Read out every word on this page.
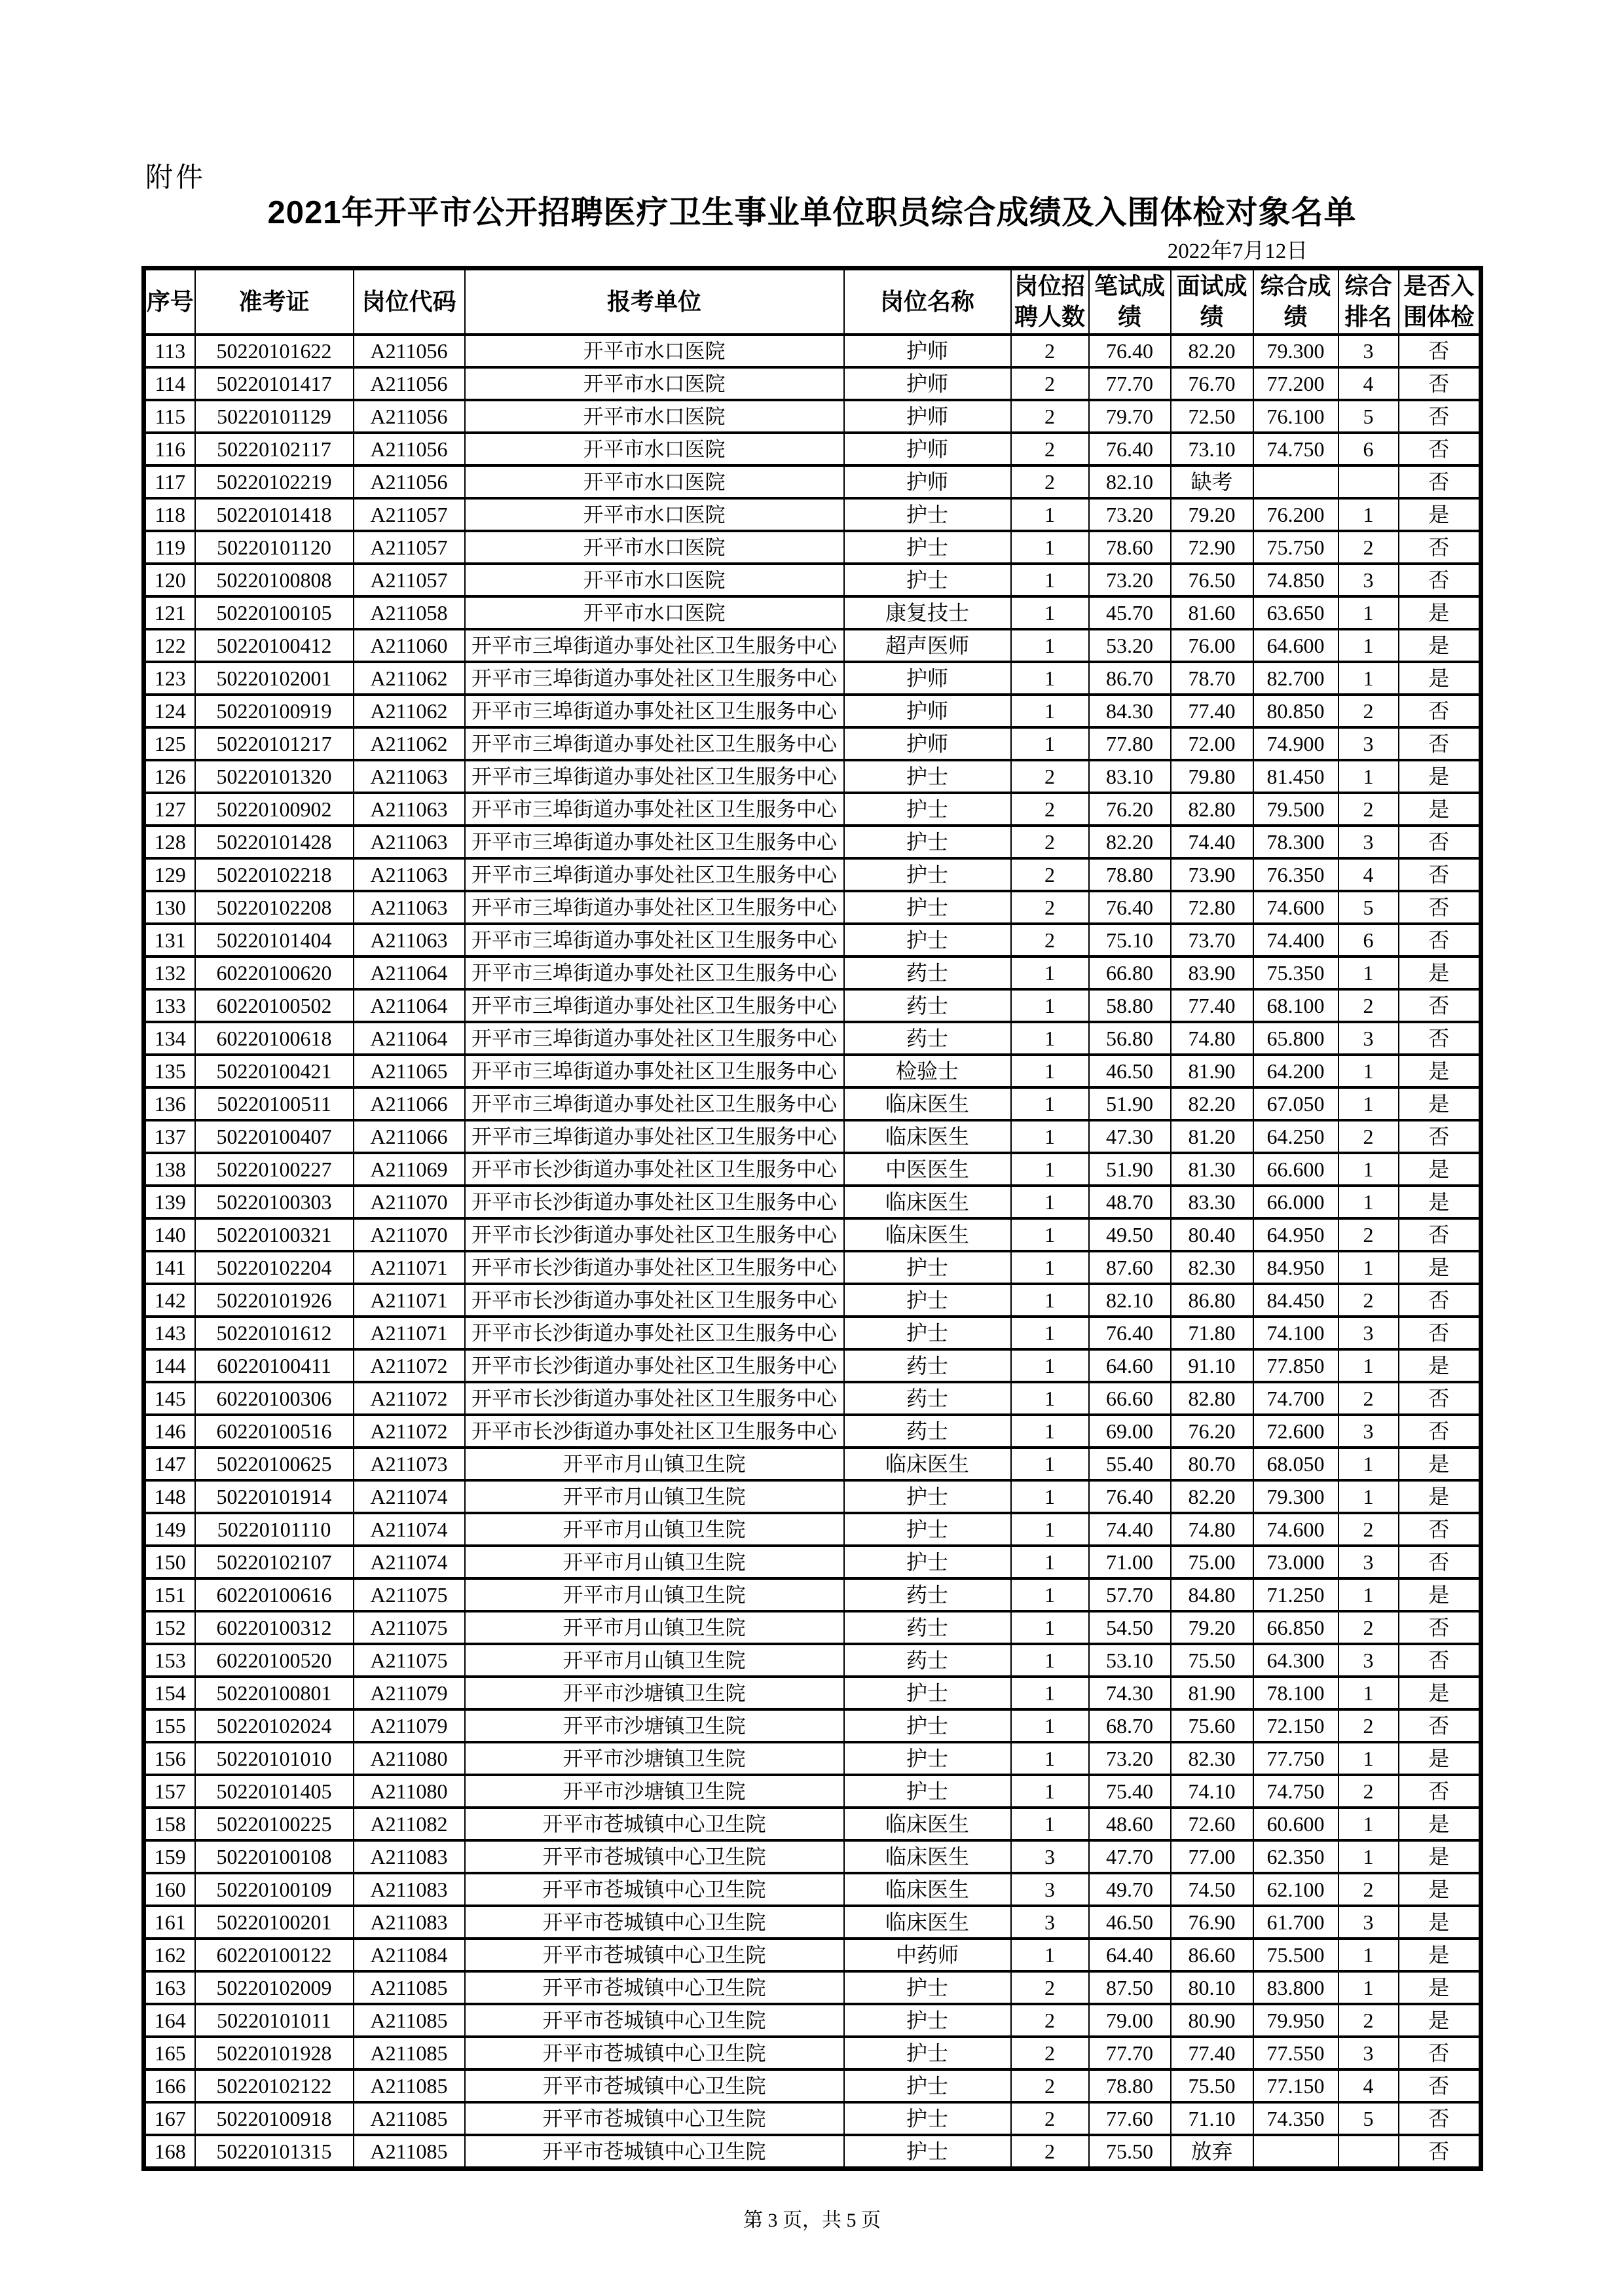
附件
2021年开平市公开招聘医疗卫生事业单位职员综合成绩及入围体检对象名单
2022年7月12日
序号	准考证	岗位代码	报考单位	岗位名称	岗位招聘人数	笔试成绩	面试成绩	综合成绩	综合排名	是否入围体检
113	50220101622	A211056	开平市水口医院	护师	2	76.40	82.20	79.300	3	否
114	50220101417	A211056	开平市水口医院	护师	2	77.70	76.70	77.200	4	否
115	50220101129	A211056	开平市水口医院	护师	2	79.70	72.50	76.100	5	否
116	50220102117	A211056	开平市水口医院	护师	2	76.40	73.10	74.750	6	否
117	50220102219	A211056	开平市水口医院	护师	2	82.10	缺考			否
118	50220101418	A211057	开平市水口医院	护士	1	73.20	79.20	76.200	1	是
119	50220101120	A211057	开平市水口医院	护士	1	78.60	72.90	75.750	2	否
120	50220100808	A211057	开平市水口医院	护士	1	73.20	76.50	74.850	3	否
121	50220100105	A211058	开平市水口医院	康复技士	1	45.70	81.60	63.650	1	是
122	50220100412	A211060	开平市三埠街道办事处社区卫生服务中心	超声医师	1	53.20	76.00	64.600	1	是
123	50220102001	A211062	开平市三埠街道办事处社区卫生服务中心	护师	1	86.70	78.70	82.700	1	是
124	50220100919	A211062	开平市三埠街道办事处社区卫生服务中心	护师	1	84.30	77.40	80.850	2	否
125	50220101217	A211062	开平市三埠街道办事处社区卫生服务中心	护师	1	77.80	72.00	74.900	3	否
126	50220101320	A211063	开平市三埠街道办事处社区卫生服务中心	护士	2	83.10	79.80	81.450	1	是
127	50220100902	A211063	开平市三埠街道办事处社区卫生服务中心	护士	2	76.20	82.80	79.500	2	是
128	50220101428	A211063	开平市三埠街道办事处社区卫生服务中心	护士	2	82.20	74.40	78.300	3	否
129	50220102218	A211063	开平市三埠街道办事处社区卫生服务中心	护士	2	78.80	73.90	76.350	4	否
130	50220102208	A211063	开平市三埠街道办事处社区卫生服务中心	护士	2	76.40	72.80	74.600	5	否
131	50220101404	A211063	开平市三埠街道办事处社区卫生服务中心	护士	2	75.10	73.70	74.400	6	否
132	60220100620	A211064	开平市三埠街道办事处社区卫生服务中心	药士	1	66.80	83.90	75.350	1	是
133	60220100502	A211064	开平市三埠街道办事处社区卫生服务中心	药士	1	58.80	77.40	68.100	2	否
134	60220100618	A211064	开平市三埠街道办事处社区卫生服务中心	药士	1	56.80	74.80	65.800	3	否
135	50220100421	A211065	开平市三埠街道办事处社区卫生服务中心	检验士	1	46.50	81.90	64.200	1	是
136	50220100511	A211066	开平市三埠街道办事处社区卫生服务中心	临床医生	1	51.90	82.20	67.050	1	是
137	50220100407	A211066	开平市三埠街道办事处社区卫生服务中心	临床医生	1	47.30	81.20	64.250	2	否
138	50220100227	A211069	开平市长沙街道办事处社区卫生服务中心	中医医生	1	51.90	81.30	66.600	1	是
139	50220100303	A211070	开平市长沙街道办事处社区卫生服务中心	临床医生	1	48.70	83.30	66.000	1	是
140	50220100321	A211070	开平市长沙街道办事处社区卫生服务中心	临床医生	1	49.50	80.40	64.950	2	否
141	50220102204	A211071	开平市长沙街道办事处社区卫生服务中心	护士	1	87.60	82.30	84.950	1	是
142	50220101926	A211071	开平市长沙街道办事处社区卫生服务中心	护士	1	82.10	86.80	84.450	2	否
143	50220101612	A211071	开平市长沙街道办事处社区卫生服务中心	护士	1	76.40	71.80	74.100	3	否
144	60220100411	A211072	开平市长沙街道办事处社区卫生服务中心	药士	1	64.60	91.10	77.850	1	是
145	60220100306	A211072	开平市长沙街道办事处社区卫生服务中心	药士	1	66.60	82.80	74.700	2	否
146	60220100516	A211072	开平市长沙街道办事处社区卫生服务中心	药士	1	69.00	76.20	72.600	3	否
147	50220100625	A211073	开平市月山镇卫生院	临床医生	1	55.40	80.70	68.050	1	是
148	50220101914	A211074	开平市月山镇卫生院	护士	1	76.40	82.20	79.300	1	是
149	50220101110	A211074	开平市月山镇卫生院	护士	1	74.40	74.80	74.600	2	否
150	50220102107	A211074	开平市月山镇卫生院	护士	1	71.00	75.00	73.000	3	否
151	60220100616	A211075	开平市月山镇卫生院	药士	1	57.70	84.80	71.250	1	是
152	60220100312	A211075	开平市月山镇卫生院	药士	1	54.50	79.20	66.850	2	否
153	60220100520	A211075	开平市月山镇卫生院	药士	1	53.10	75.50	64.300	3	否
154	50220100801	A211079	开平市沙塘镇卫生院	护士	1	74.30	81.90	78.100	1	是
155	50220102024	A211079	开平市沙塘镇卫生院	护士	1	68.70	75.60	72.150	2	否
156	50220101010	A211080	开平市沙塘镇卫生院	护士	1	73.20	82.30	77.750	1	是
157	50220101405	A211080	开平市沙塘镇卫生院	护士	1	75.40	74.10	74.750	2	否
158	50220100225	A211082	开平市苍城镇中心卫生院	临床医生	1	48.60	72.60	60.600	1	是
159	50220100108	A211083	开平市苍城镇中心卫生院	临床医生	3	47.70	77.00	62.350	1	是
160	50220100109	A211083	开平市苍城镇中心卫生院	临床医生	3	49.70	74.50	62.100	2	是
161	50220100201	A211083	开平市苍城镇中心卫生院	临床医生	3	46.50	76.90	61.700	3	是
162	60220100122	A211084	开平市苍城镇中心卫生院	中药师	1	64.40	86.60	75.500	1	是
163	50220102009	A211085	开平市苍城镇中心卫生院	护士	2	87.50	80.10	83.800	1	是
164	50220101011	A211085	开平市苍城镇中心卫生院	护士	2	79.00	80.90	79.950	2	是
165	50220101928	A211085	开平市苍城镇中心卫生院	护士	2	77.70	77.40	77.550	3	否
166	50220102122	A211085	开平市苍城镇中心卫生院	护士	2	78.80	75.50	77.150	4	否
167	50220100918	A211085	开平市苍城镇中心卫生院	护士	2	77.60	71.10	74.350	5	否
168	50220101315	A211085	开平市苍城镇中心卫生院	护士	2	75.50	放弃			否
第 3 页，共 5 页
